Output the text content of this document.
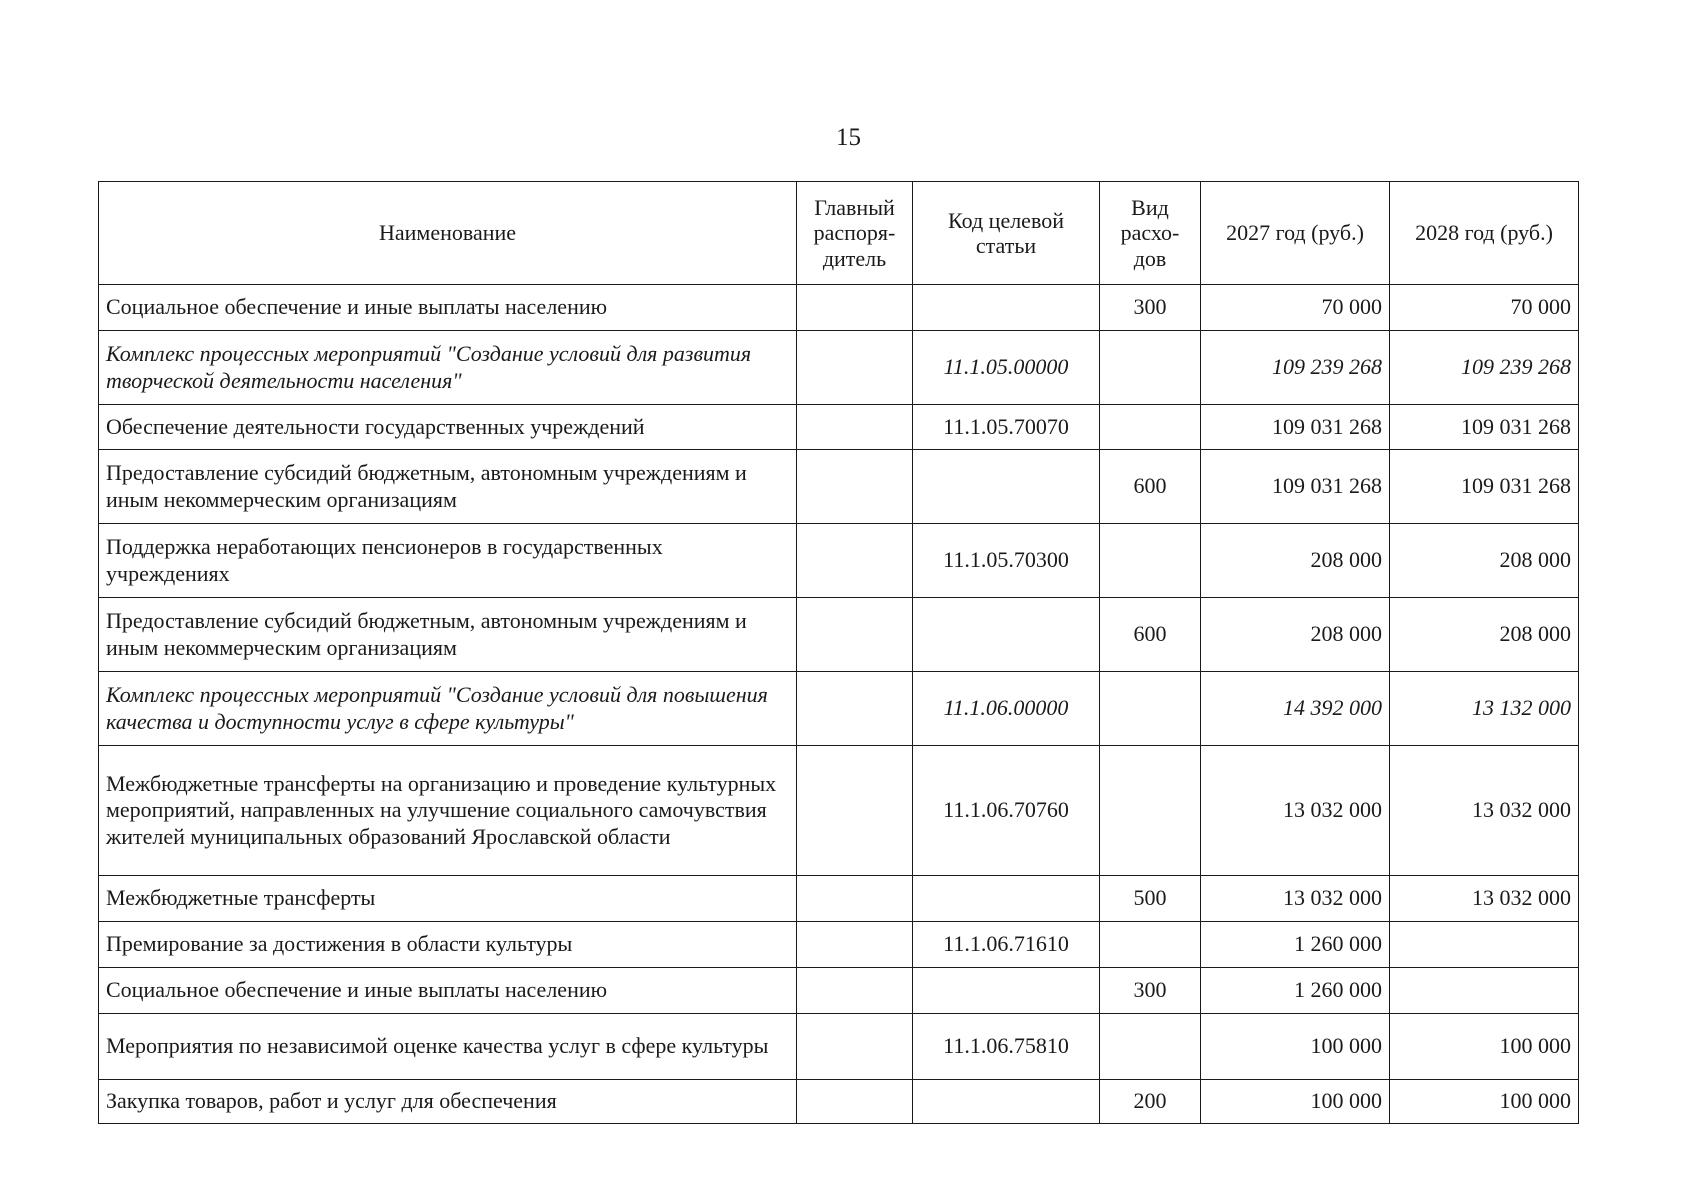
15
Наименование	Главный распоря-дитель	Код целевой статьи	Вид расхо-дов	2027 год (руб.)	2028 год (руб.)
Социальное обеспечение и иные выплаты населению			300	70 000	70 000
Комплекс процессных мероприятий "Создание условий для развития творческой деятельности населения"		11.1.05.00000		109 239 268	109 239 268
Обеспечение деятельности государственных учреждений		11.1.05.70070		109 031 268	109 031 268
Предоставление субсидий бюджетным, автономным учреждениям и иным некоммерческим организациям			600	109 031 268	109 031 268
Поддержка неработающих пенсионеров в государственных учреждениях		11.1.05.70300		208 000	208 000
Предоставление субсидий бюджетным, автономным учреждениям и иным некоммерческим организациям			600	208 000	208 000
Комплекс процессных мероприятий "Создание условий для повышения качества и доступности услуг в сфере культуры"		11.1.06.00000		14 392 000	13 132 000
Межбюджетные трансферты на организацию и проведение культурных мероприятий, направленных на улучшение социального самочувствия жителей муниципальных образований Ярославской области		11.1.06.70760		13 032 000	13 032 000
Межбюджетные трансферты			500	13 032 000	13 032 000
Премирование за достижения в области культуры		11.1.06.71610		1 260 000	
Социальное обеспечение и иные выплаты населению			300	1 260 000	
Мероприятия по независимой оценке качества услуг в сфере культуры		11.1.06.75810		100 000	100 000
Закупка товаров, работ и услуг для обеспечения			200	100 000	100 000
